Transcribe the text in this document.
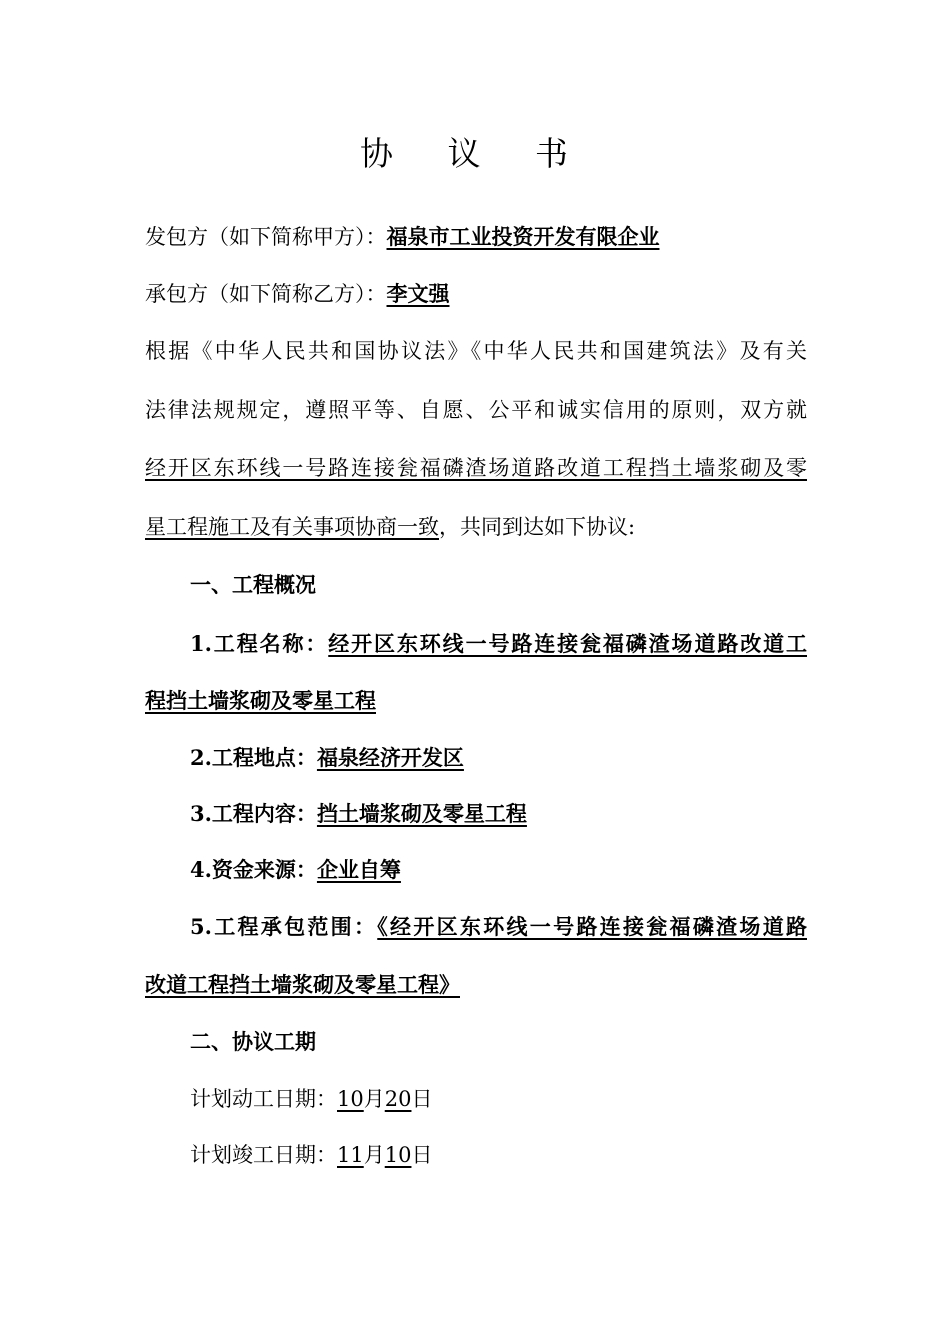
协 议 书
发包方（如下简称甲方）：福泉市工业投资开发有限企业
承包方（如下简称乙方）：李文强
根据《中华人民共和国协议法》《中华人民共和国建筑法》及有关
法律法规规定，遵照平等、自愿、公平和诚实信用的原则，双方就
经开区东环线一号路连接瓮福磷渣场道路改道工程挡土墙浆砌及零
星工程施工及有关事项协商一致，共同到达如下协议:
一、工程概况
1.工程名称：经开区东环线一号路连接瓮福磷渣场道路改道工
程挡土墙浆砌及零星工程
2.工程地点：福泉经济开发区
3.工程内容：挡土墙浆砌及零星工程
4.资金来源：企业自筹
5.工程承包范围：《经开区东环线一号路连接瓮福磷渣场道路
改道工程挡土墙浆砌及零星工程》
二、协议工期
计划动工日期：10月20日
计划竣工日期：11月10日
